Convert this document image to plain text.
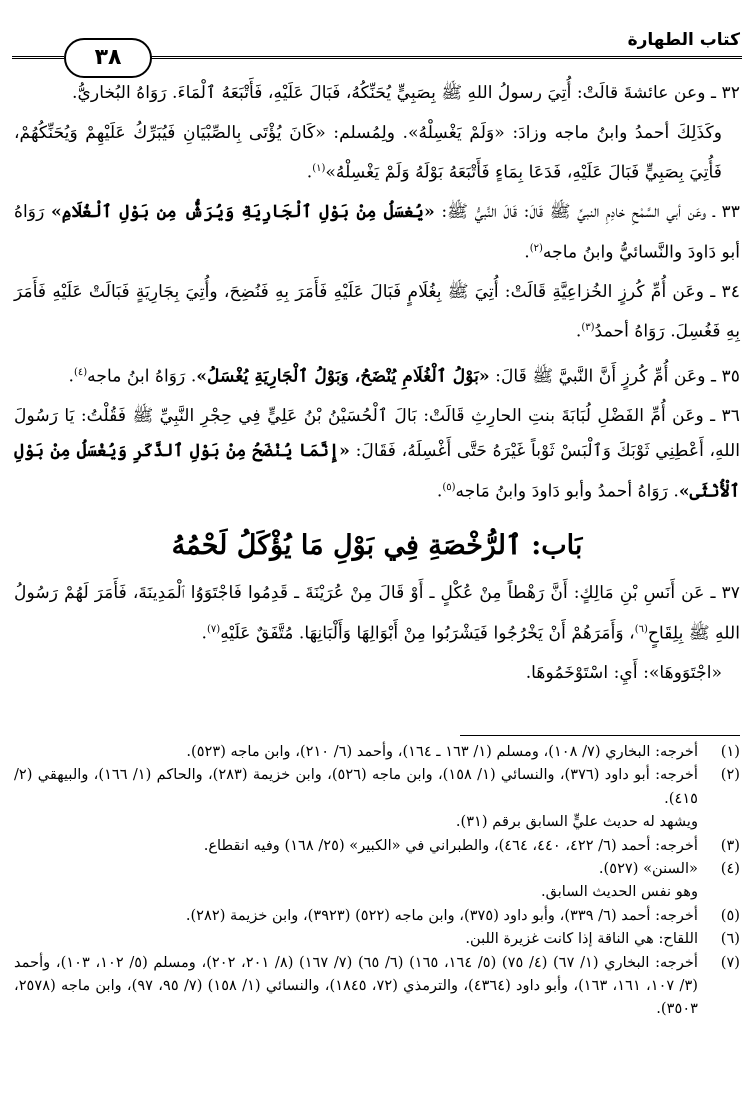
كتاب الطهارة
٣٨

٣٢ ـ وعن عائشةَ قالَتْ: أُتِيَ رسولُ اللهِ ﷺ بِصَبِيٍّ يُحَنِّكُهُ، فَبَالَ عَلَيْهِ، فَأَتْبَعَهُ ٱلْمَاءَ. رَوَاهُ البُخاريُّ.

وكَذَلِكَ أحمدُ وابنُ ماجه وزادَ: «وَلَمْ يَغْسِلْهُ». ولِمُسلم: «كَانَ يُؤْتَى بِالصِّبْيَانِ فَيُبَرِّكُ عَلَيْهِمْ وَيُحَنِّكُهُمْ، فَأُتِيَ بِصَبِيٍّ فَبَالَ عَلَيْهِ، فَدَعَا بِمَاءٍ فَأَتْبَعَهُ بَوْلَهُ وَلَمْ يَغْسِلْهُ»$^{(١)}$.

٣٣ ـ وعَن أبي السَّمْحِ خادِمِ النبيِّ ﷺ قَالَ: قَالَ النَّبيُّ ﷺ: «يُغسَلُ مِنْ بَوْلِ ٱلْجَارِيَةِ وَيُرَشُّ مِن بَوْلِ ٱلْغُلَامِ» رَوَاهُ أبو دَاودَ والنَّسائيُّ وابنُ ماجه$^{(٢)}$.

٣٤ ـ وعَن أُمِّ كُرزٍ الخُزاعِيَّةِ قَالَتْ: أُتِيَ ﷺ بِغُلَامٍ فَبَالَ عَلَيْهِ فَأَمَرَ بِهِ فَنُضِحَ، وأُتِيَ بِجَارِيَةٍ فَبَالَتْ عَلَيْهِ فَأَمَرَ بِهِ فَغُسِلَ. رَوَاهُ أحمدُ$^{(٣)}$.

٣٥ ـ وعَن أُمِّ كُرزٍ أَنَّ النَّبيَّ ﷺ قَالَ: «بَوْلُ ٱلْغُلَامِ يُنْضَحُ، وَبَوْلُ ٱلْجَارِيَةِ يُغْسَلُ». رَوَاهُ ابنُ ماجه$^{(٤)}$.

٣٦ ـ وعَن أُمِّ الفَضْلِ لُبَابَةَ بنتِ الحارِثِ قَالَتْ: بَالَ ٱلْحُسَيْنُ بْنُ عَلِيٍّ فِي حِجْرِ النَّبِيِّ ﷺ فَقُلْتُ: يَا رَسُولَ اللهِ، أَعْطِنِي ثَوْبَكَ وَٱلْبَسْ ثَوْباً غَيْرَهُ حَتَّى أَغْسِلَهُ، فَقَالَ: «إِنَّمَا يُنْضَحُ مِنْ بَوْلِ ٱلذَّكَرِ وَيُغْسَلُ مِنْ بَوْلِ ٱلْأُنْثَى». رَوَاهُ أحمدُ وأبو دَاودَ وابنُ مَاجه$^{(٥)}$.

بَاب: ٱلرُّخْصَةِ فِي بَوْلِ مَا يُؤْكَلُ لَحْمُهُ

٣٧ ـ عَن أَنَسِ بْنِ مَالِكٍ: أَنَّ رَهْطاً مِنْ عُكْلٍ ـ أَوْ قَالَ مِنْ عُرَيْنَةَ ـ قَدِمُوا فَاجْتَوَوُا ٱلْمَدِينَةَ، فَأَمَرَ لَهُمْ رَسُولُ اللهِ ﷺ بِلِقَاحٍ$^{(٦)}$، وَأَمَرَهُمْ أَنْ يَخْرُجُوا فَيَشْرَبُوا مِنْ أَبْوَالِهَا وَأَلْبَانِهَا. مُتَّفَقٌ عَلَيْهِ$^{(٧)}$.

«اجْتَوَوهَا»: أَيِ: اسْتَوْخَمُوهَا.

(١)
أخرجه: البخاري (٧/ ١٠٨)، ومسلم (١/ ١٦٣ ـ ١٦٤)، وأحمد (٦/ ٢١٠)، وابن ماجه (٥٢٣).
(٢)
أخرجه: أبو داود (٣٧٦)، والنسائي (١/ ١٥٨)، وابن ماجه (٥٢٦)، وابن خزيمة (٢٨٣)، والحاكم (١/ ١٦٦)، والبيهقي (٢/ ٤١٥).
ويشهد له حديث عليٍّ السابق برقم (٣١).
(٣)
أخرجه: أحمد (٦/ ٤٢٢، ٤٤٠، ٤٦٤)، والطبراني في «الكبير» (٢٥/ ١٦٨) وفيه انقطاع.
(٤)
«السنن» (٥٢٧).
وهو نفس الحديث السابق.
(٥)
أخرجه: أحمد (٦/ ٣٣٩)، وأبو داود (٣٧٥)، وابن ماجه (٥٢٢) (٣٩٢٣)، وابن خزيمة (٢٨٢).
(٦)
اللقاح: هي الناقة إذا كانت غزيرة اللبن.
(٧)
أخرجه: البخاري (١/ ٦٧) (٤/ ٧٥) (٥/ ١٦٤، ١٦٥) (٦/ ٦٥) (٧/ ١٦٧) (٨/ ٢٠١، ٢٠٢)، ومسلم (٥/ ١٠٢، ١٠٣)، وأحمد (٣/ ١٠٧، ١٦١، ١٦٣)، وأبو داود (٤٣٦٤)، والترمذي (٧٢، ١٨٤٥)، والنسائي (١/ ١٥٨) (٧/ ٩٥، ٩٧)، وابن ماجه (٢٥٧٨، ٣٥٠٣).
